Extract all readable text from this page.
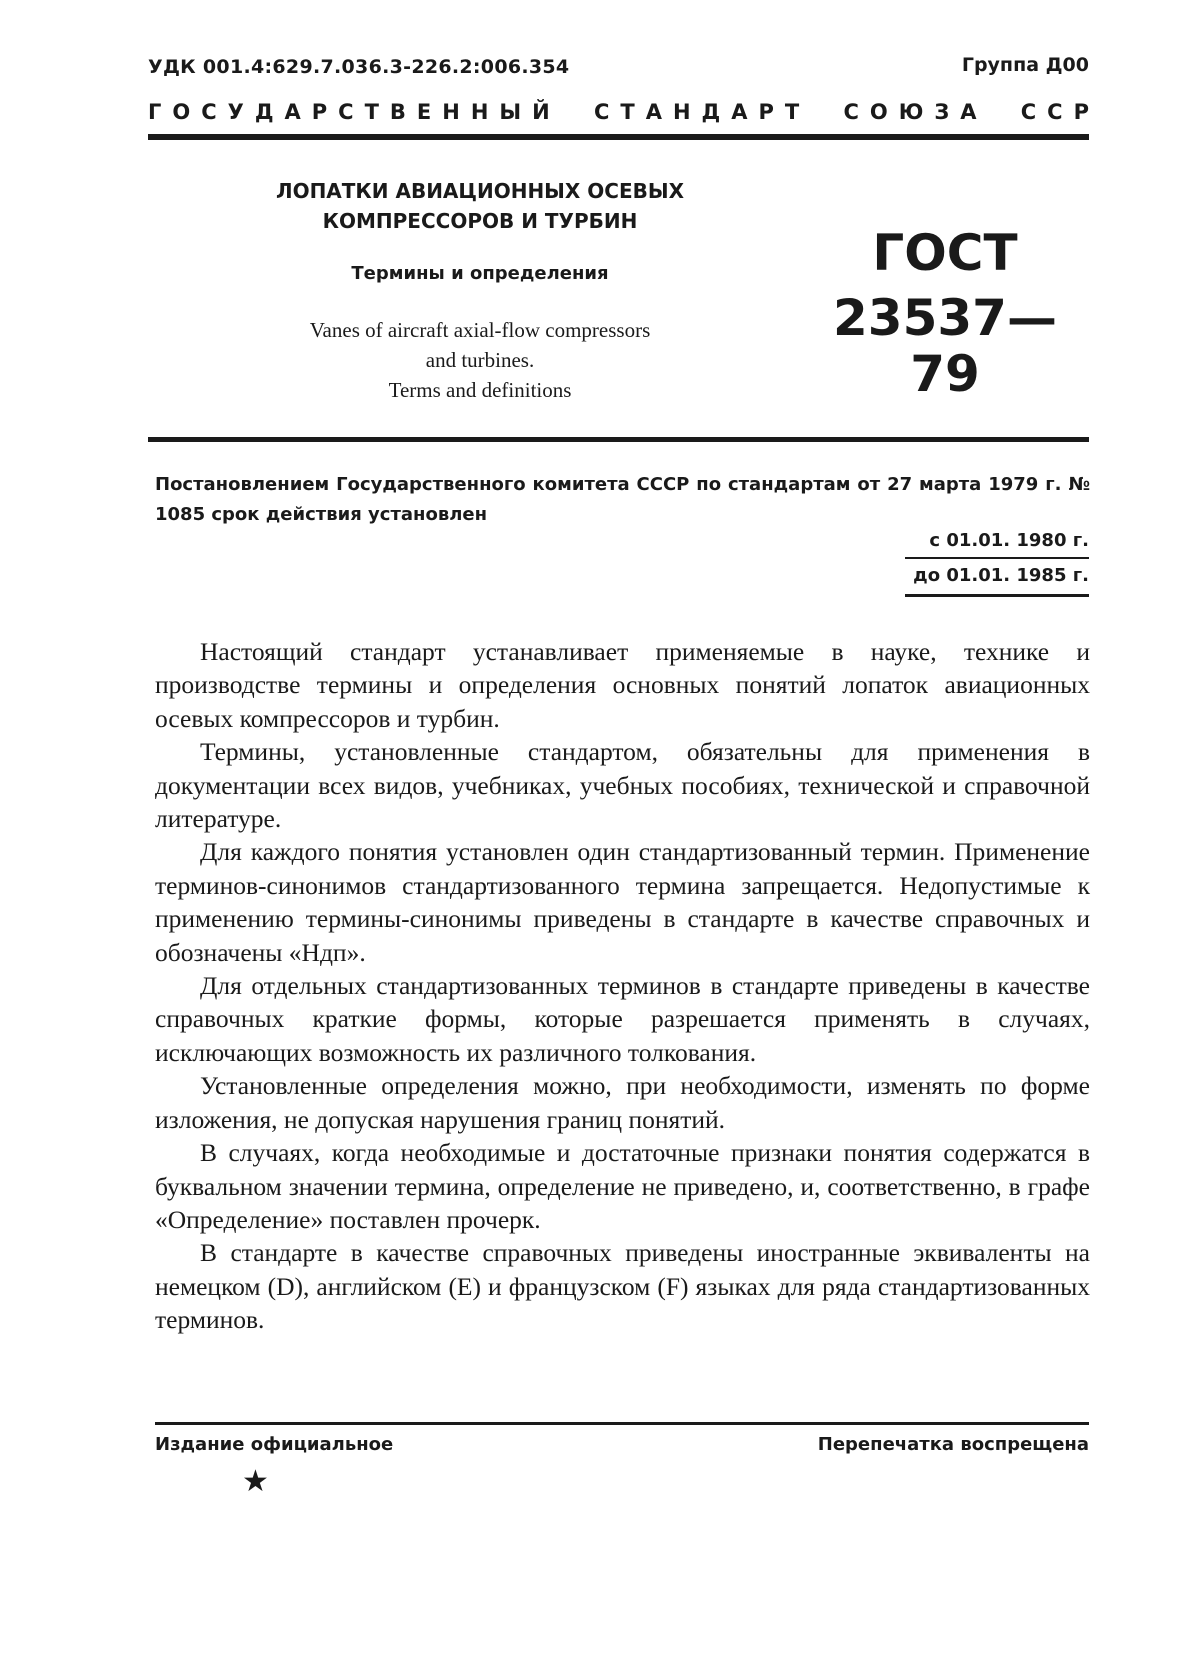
УДК 001.4:629.7.036.3-226.2:006.354	Группа Д00
ГОСУДАРСТВЕННЫЙ СТАНДАРТ СОЮЗА ССР
ЛОПАТКИ АВИАЦИОННЫХ ОСЕВЫХ
КОМПРЕССОРОВ И ТУРБИН
Термины и определения
Vanes of aircraft axial-flow compressors
and turbines.
Terms and definitions
ГОСТ
23537—79
Постановлением Государственного комитета СССР по стандартам от 27 марта 1979 г. № 1085 срок действия установлен
с 01.01. 1980 г.
до 01.01. 1985 г.

Настоящий стандарт устанавливает применяемые в науке, технике и производстве термины и определения основных понятий лопаток авиационных осевых компрессоров и турбин.

Термины, установленные стандартом, обязательны для применения в документации всех видов, учебниках, учебных пособиях, технической и справочной литературе.

Для каждого понятия установлен один стандартизованный термин. Применение терминов-синонимов стандартизованного термина запрещается. Недопустимые к применению термины-синонимы приведены в стандарте в качестве справочных и обозначены «Ндп».

Для отдельных стандартизованных терминов в стандарте приведены в качестве справочных краткие формы, которые разрешается применять в случаях, исключающих возможность их различного толкования.

Установленные определения можно, при необходимости, изменять по форме изложения, не допуская нарушения границ понятий.

В случаях, когда необходимые и достаточные признаки понятия содержатся в буквальном значении термина, определение не приведено, и, соответственно, в графе «Определение» поставлен прочерк.

В стандарте в качестве справочных приведены иностранные эквиваленты на немецком (D), английском (E) и французском (F) языках для ряда стандартизованных терминов.

Издание официальное	Перепечатка воспрещена
★
